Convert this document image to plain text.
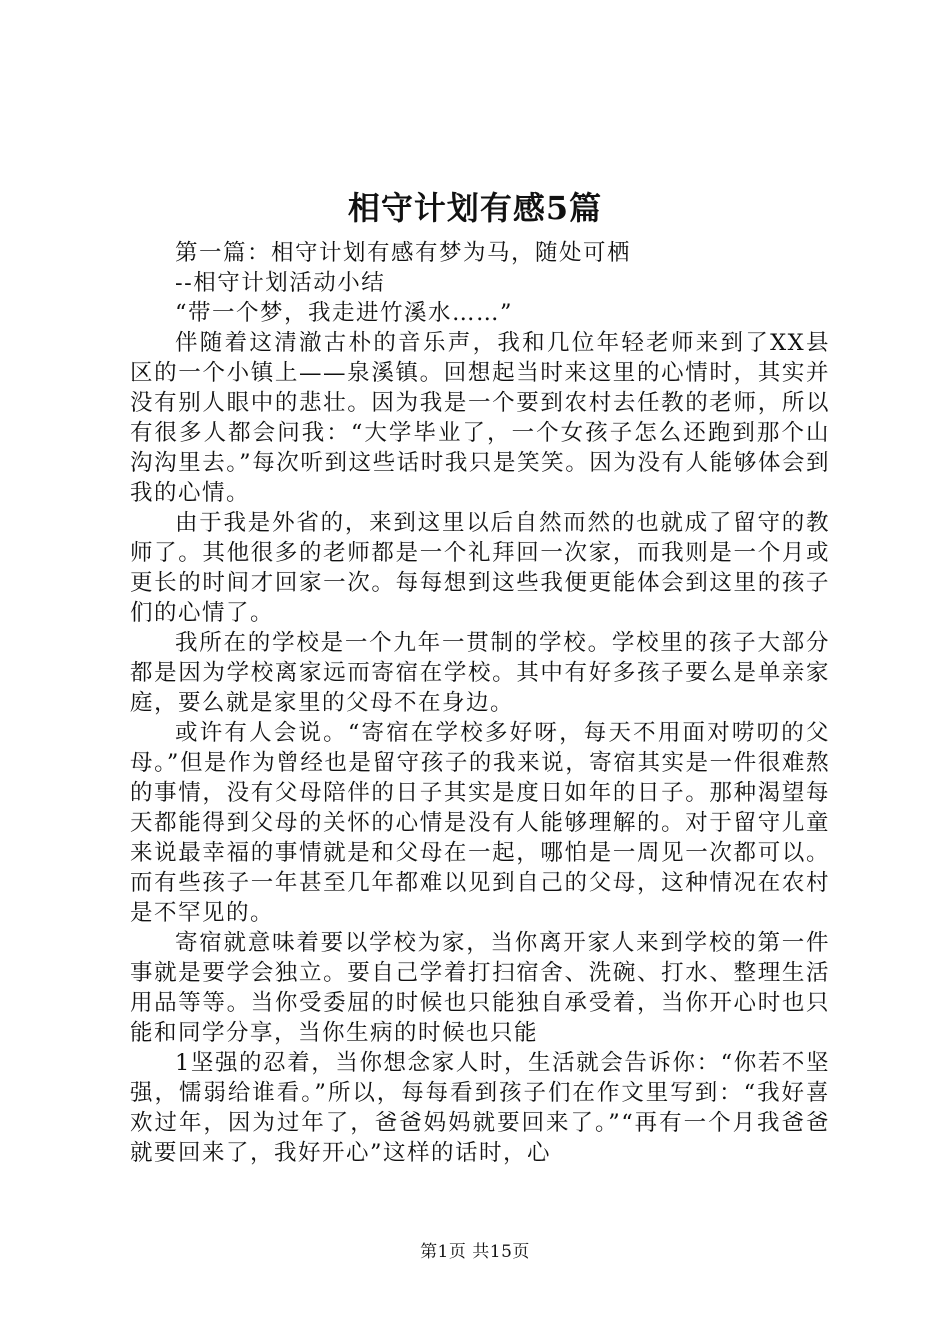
相守计划有感5篇

第一篇：相守计划有感有梦为马，随处可栖

--相守计划活动小结

“带一个梦，我走进竹溪水……”

伴随着这清澈古朴的音乐声，我和几位年轻老师来到了XX县区的一个小镇上——泉溪镇。回想起当时来这里的心情时，其实并没有别人眼中的悲壮。因为我是一个要到农村去任教的老师，所以有很多人都会问我：“大学毕业了，一个女孩子怎么还跑到那个山沟沟里去。”每次听到这些话时我只是笑笑。因为没有人能够体会到我的心情。

由于我是外省的，来到这里以后自然而然的也就成了留守的教师了。其他很多的老师都是一个礼拜回一次家，而我则是一个月或更长的时间才回家一次。每每想到这些我便更能体会到这里的孩子们的心情了。

我所在的学校是一个九年一贯制的学校。学校里的孩子大部分都是因为学校离家远而寄宿在学校。其中有好多孩子要么是单亲家庭，要么就是家里的父母不在身边。

或许有人会说。“寄宿在学校多好呀，每天不用面对唠叨的父母。”但是作为曾经也是留守孩子的我来说，寄宿其实是一件很难熬的事情，没有父母陪伴的日子其实是度日如年的日子。那种渴望每天都能得到父母的关怀的心情是没有人能够理解的。对于留守儿童来说最幸福的事情就是和父母在一起，哪怕是一周见一次都可以。而有些孩子一年甚至几年都难以见到自己的父母，这种情况在农村是不罕见的。

寄宿就意味着要以学校为家，当你离开家人来到学校的第一件事就是要学会独立。要自己学着打扫宿舍、洗碗、打水、整理生活用品等等。当你受委屈的时候也只能独自承受着，当你开心时也只能和同学分享，当你生病的时候也只能

1坚强的忍着，当你想念家人时，生活就会告诉你：“你若不坚强，懦弱给谁看。”所以，每每看到孩子们在作文里写到：“我好喜欢过年，因为过年了，爸爸妈妈就要回来了。”“再有一个月我爸爸就要回来了，我好开心”这样的话时，心

第1页 共15页
